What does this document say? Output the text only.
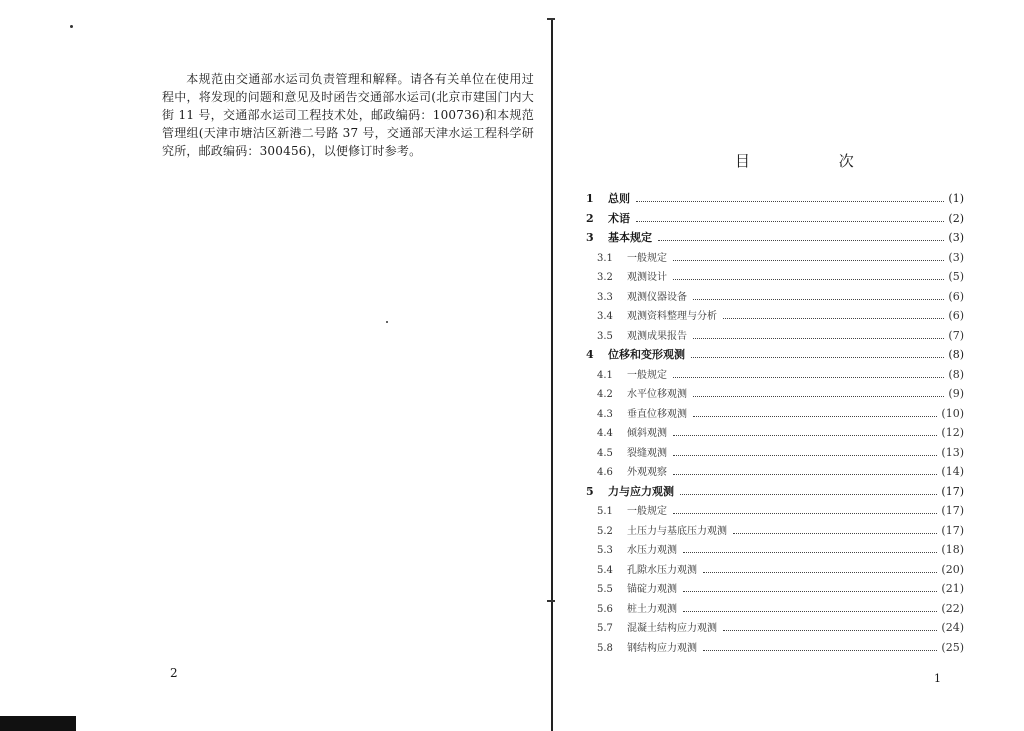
本规范由交通部水运司负责管理和解释。请各有关单位在使用过程中，将发现的问题和意见及时函告交通部水运司(北京市建国门内大街 11 号，交通部水运司工程技术处，邮政编码：100736)和本规范管理组(天津市塘沽区新港二号路 37 号，交通部天津水运工程科学研究所，邮政编码：300456)，以便修订时参考。
2
目 次
1	总则	(1)
2	术语	(2)
3	基本规定	(3)
3.1	一般规定	(3)
3.2	观测设计	(5)
3.3	观测仪器设备	(6)
3.4	观测资料整理与分析	(6)
3.5	观测成果报告	(7)
4	位移和变形观测	(8)
4.1	一般规定	(8)
4.2	水平位移观测	(9)
4.3	垂直位移观测	(10)
4.4	倾斜观测	(12)
4.5	裂缝观测	(13)
4.6	外观观察	(14)
5	力与应力观测	(17)
5.1	一般规定	(17)
5.2	土压力与基底压力观测	(17)
5.3	水压力观测	(18)
5.4	孔隙水压力观测	(20)
5.5	锚碇力观测	(21)
5.6	桩土力观测	(22)
5.7	混凝土结构应力观测	(24)
5.8	钢结构应力观测	(25)
1
